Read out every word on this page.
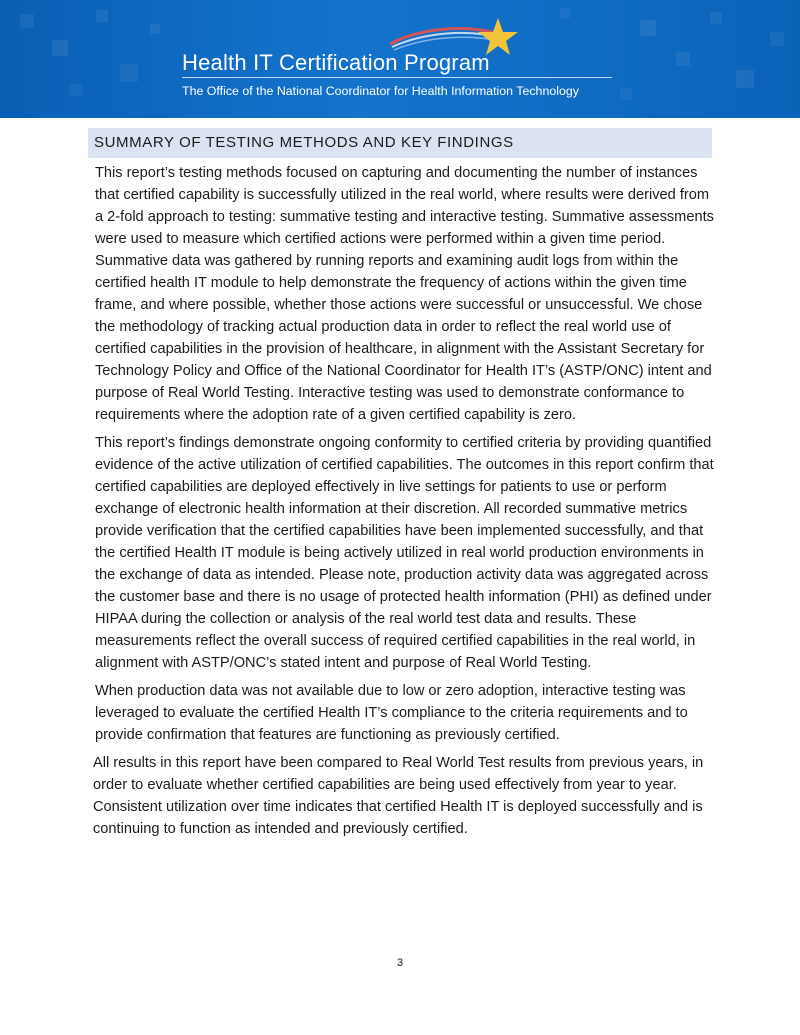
Health IT Certification Program
The Office of the National Coordinator for Health Information Technology
SUMMARY OF TESTING METHODS AND KEY FINDINGS

This report’s testing methods focused on capturing and documenting the number of instances that certified capability is successfully utilized in the real world, where results were derived from a 2-fold approach to testing: summative testing and interactive testing. Summative assessments were used to measure which certified actions were performed within a given time period. Summative data was gathered by running reports and examining audit logs from within the certified health IT module to help demonstrate the frequency of actions within the given time frame, and where possible, whether those actions were successful or unsuccessful. We chose the methodology of tracking actual production data in order to reflect the real world use of certified capabilities in the provision of healthcare, in alignment with the Assistant Secretary for Technology Policy and Office of the National Coordinator for Health IT’s (ASTP/ONC) intent and purpose of Real World Testing. Interactive testing was used to demonstrate conformance to requirements where the adoption rate of a given certified capability is zero.

This report’s findings demonstrate ongoing conformity to certified criteria by providing quantified evidence of the active utilization of certified capabilities. The outcomes in this report confirm that certified capabilities are deployed effectively in live settings for patients to use or perform exchange of electronic health information at their discretion. All recorded summative metrics provide verification that the certified capabilities have been implemented successfully, and that the certified Health IT module is being actively utilized in real world production environments in the exchange of data as intended. Please note, production activity data was aggregated across the customer base and there is no usage of protected health information (PHI) as defined under HIPAA during the collection or analysis of the real world test data and results. These measurements reflect the overall success of required certified capabilities in the real world, in alignment with ASTP/ONC’s stated intent and purpose of Real World Testing.

When production data was not available due to low or zero adoption, interactive testing was leveraged to evaluate the certified Health IT’s compliance to the criteria requirements and to provide confirmation that features are functioning as previously certified.

All results in this report have been compared to Real World Test results from previous years, in order to evaluate whether certified capabilities are being used effectively from year to year. Consistent utilization over time indicates that certified Health IT is deployed successfully and is continuing to function as intended and previously certified.

3
